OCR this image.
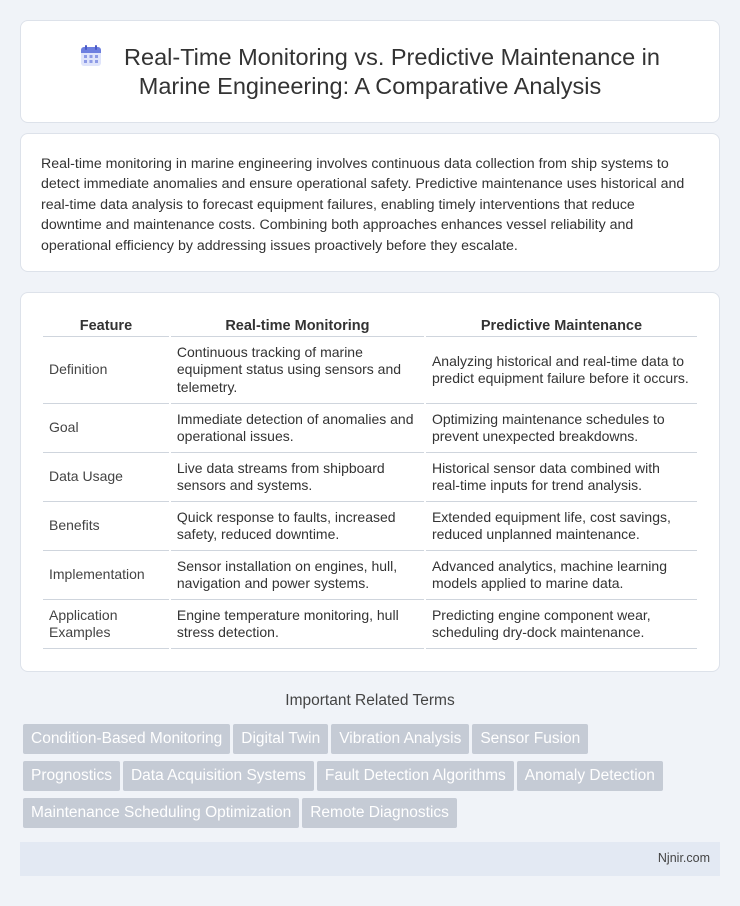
Real-Time Monitoring vs. Predictive Maintenance in
Marine Engineering: A Comparative Analysis

Real-time monitoring in marine engineering involves continuous data collection from ship systems to detect immediate anomalies and ensure operational safety. Predictive maintenance uses historical and real-time data analysis to forecast equipment failures, enabling timely interventions that reduce downtime and maintenance costs. Combining both approaches enhances vessel reliability and operational efficiency by addressing issues proactively before they escalate.

Feature	Real-time Monitoring	Predictive Maintenance
Definition	Continuous tracking of marine equipment status using sensors and telemetry.	Analyzing historical and real-time data to predict equipment failure before it occurs.
Goal	Immediate detection of anomalies and operational issues.	Optimizing maintenance schedules to prevent unexpected breakdowns.
Data Usage	Live data streams from shipboard sensors and systems.	Historical sensor data combined with real-time inputs for trend analysis.
Benefits	Quick response to faults, increased safety, reduced downtime.	Extended equipment life, cost savings, reduced unplanned maintenance.
Implementation	Sensor installation on engines, hull, navigation and power systems.	Advanced analytics, machine learning models applied to marine data.
Application Examples	Engine temperature monitoring, hull stress detection.	Predicting engine component wear, scheduling dry-dock maintenance.
Important Related Terms
Condition-Based Monitoring Digital Twin Vibration Analysis Sensor Fusion
Prognostics Data Acquisition Systems Fault Detection Algorithms Anomaly Detection
Maintenance Scheduling Optimization Remote Diagnostics
Njnir.com
